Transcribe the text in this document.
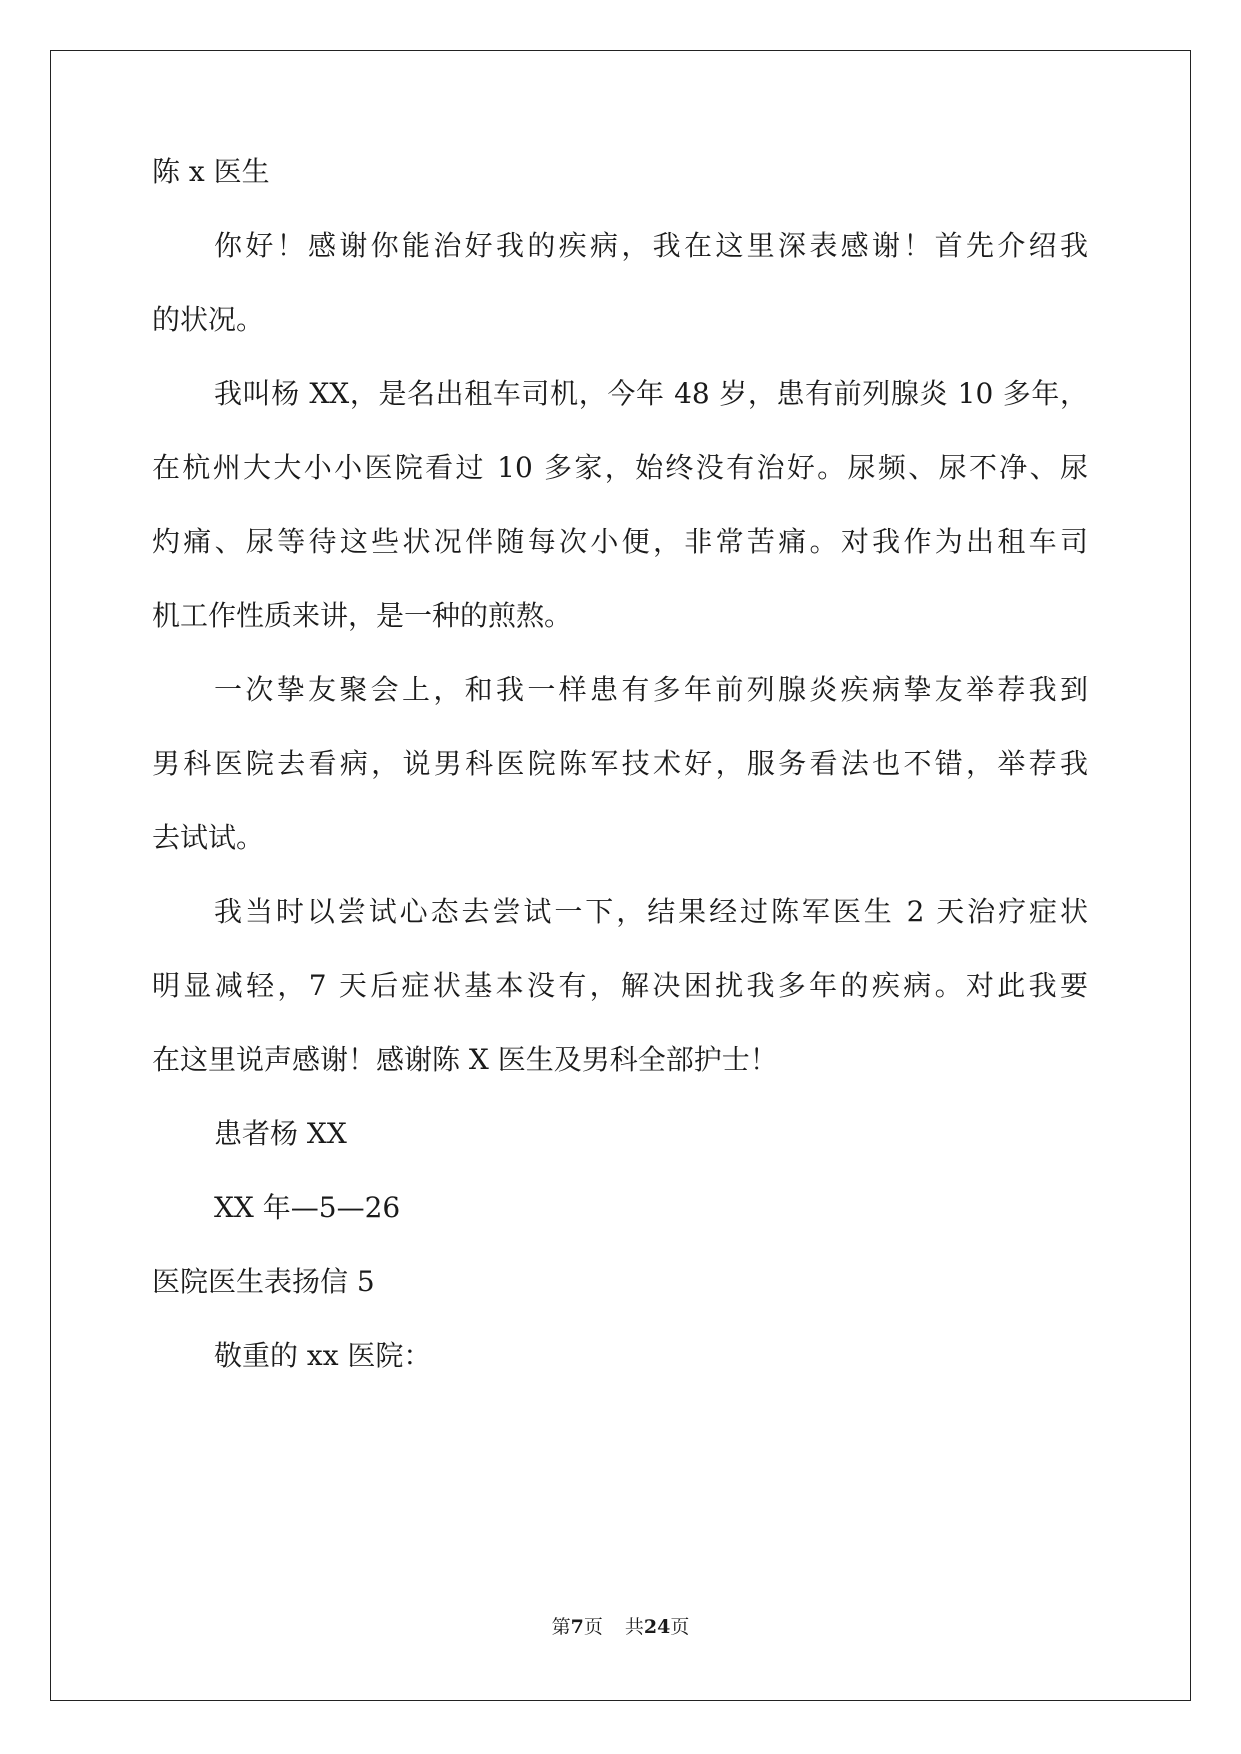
陈 x 医生

你好！感谢你能治好我的疾病，我在这里深表感谢！首先介绍我

的状况。

我叫杨 XX，是名出租车司机，今年 48 岁，患有前列腺炎 10 多年，

在杭州大大小小医院看过 10 多家，始终没有治好。尿频、尿不净、尿

灼痛、尿等待这些状况伴随每次小便，非常苦痛。对我作为出租车司

机工作性质来讲，是一种的煎熬。

一次挚友聚会上，和我一样患有多年前列腺炎疾病挚友举荐我到

男科医院去看病，说男科医院陈军技术好，服务看法也不错，举荐我

去试试。

我当时以尝试心态去尝试一下，结果经过陈军医生 2 天治疗症状

明显减轻，7 天后症状基本没有，解决困扰我多年的疾病。对此我要

在这里说声感谢！感谢陈 X 医生及男科全部护士！

患者杨 XX

XX 年—5—26

医院医生表扬信 5

敬重的 xx 医院：

第7页 共24页
